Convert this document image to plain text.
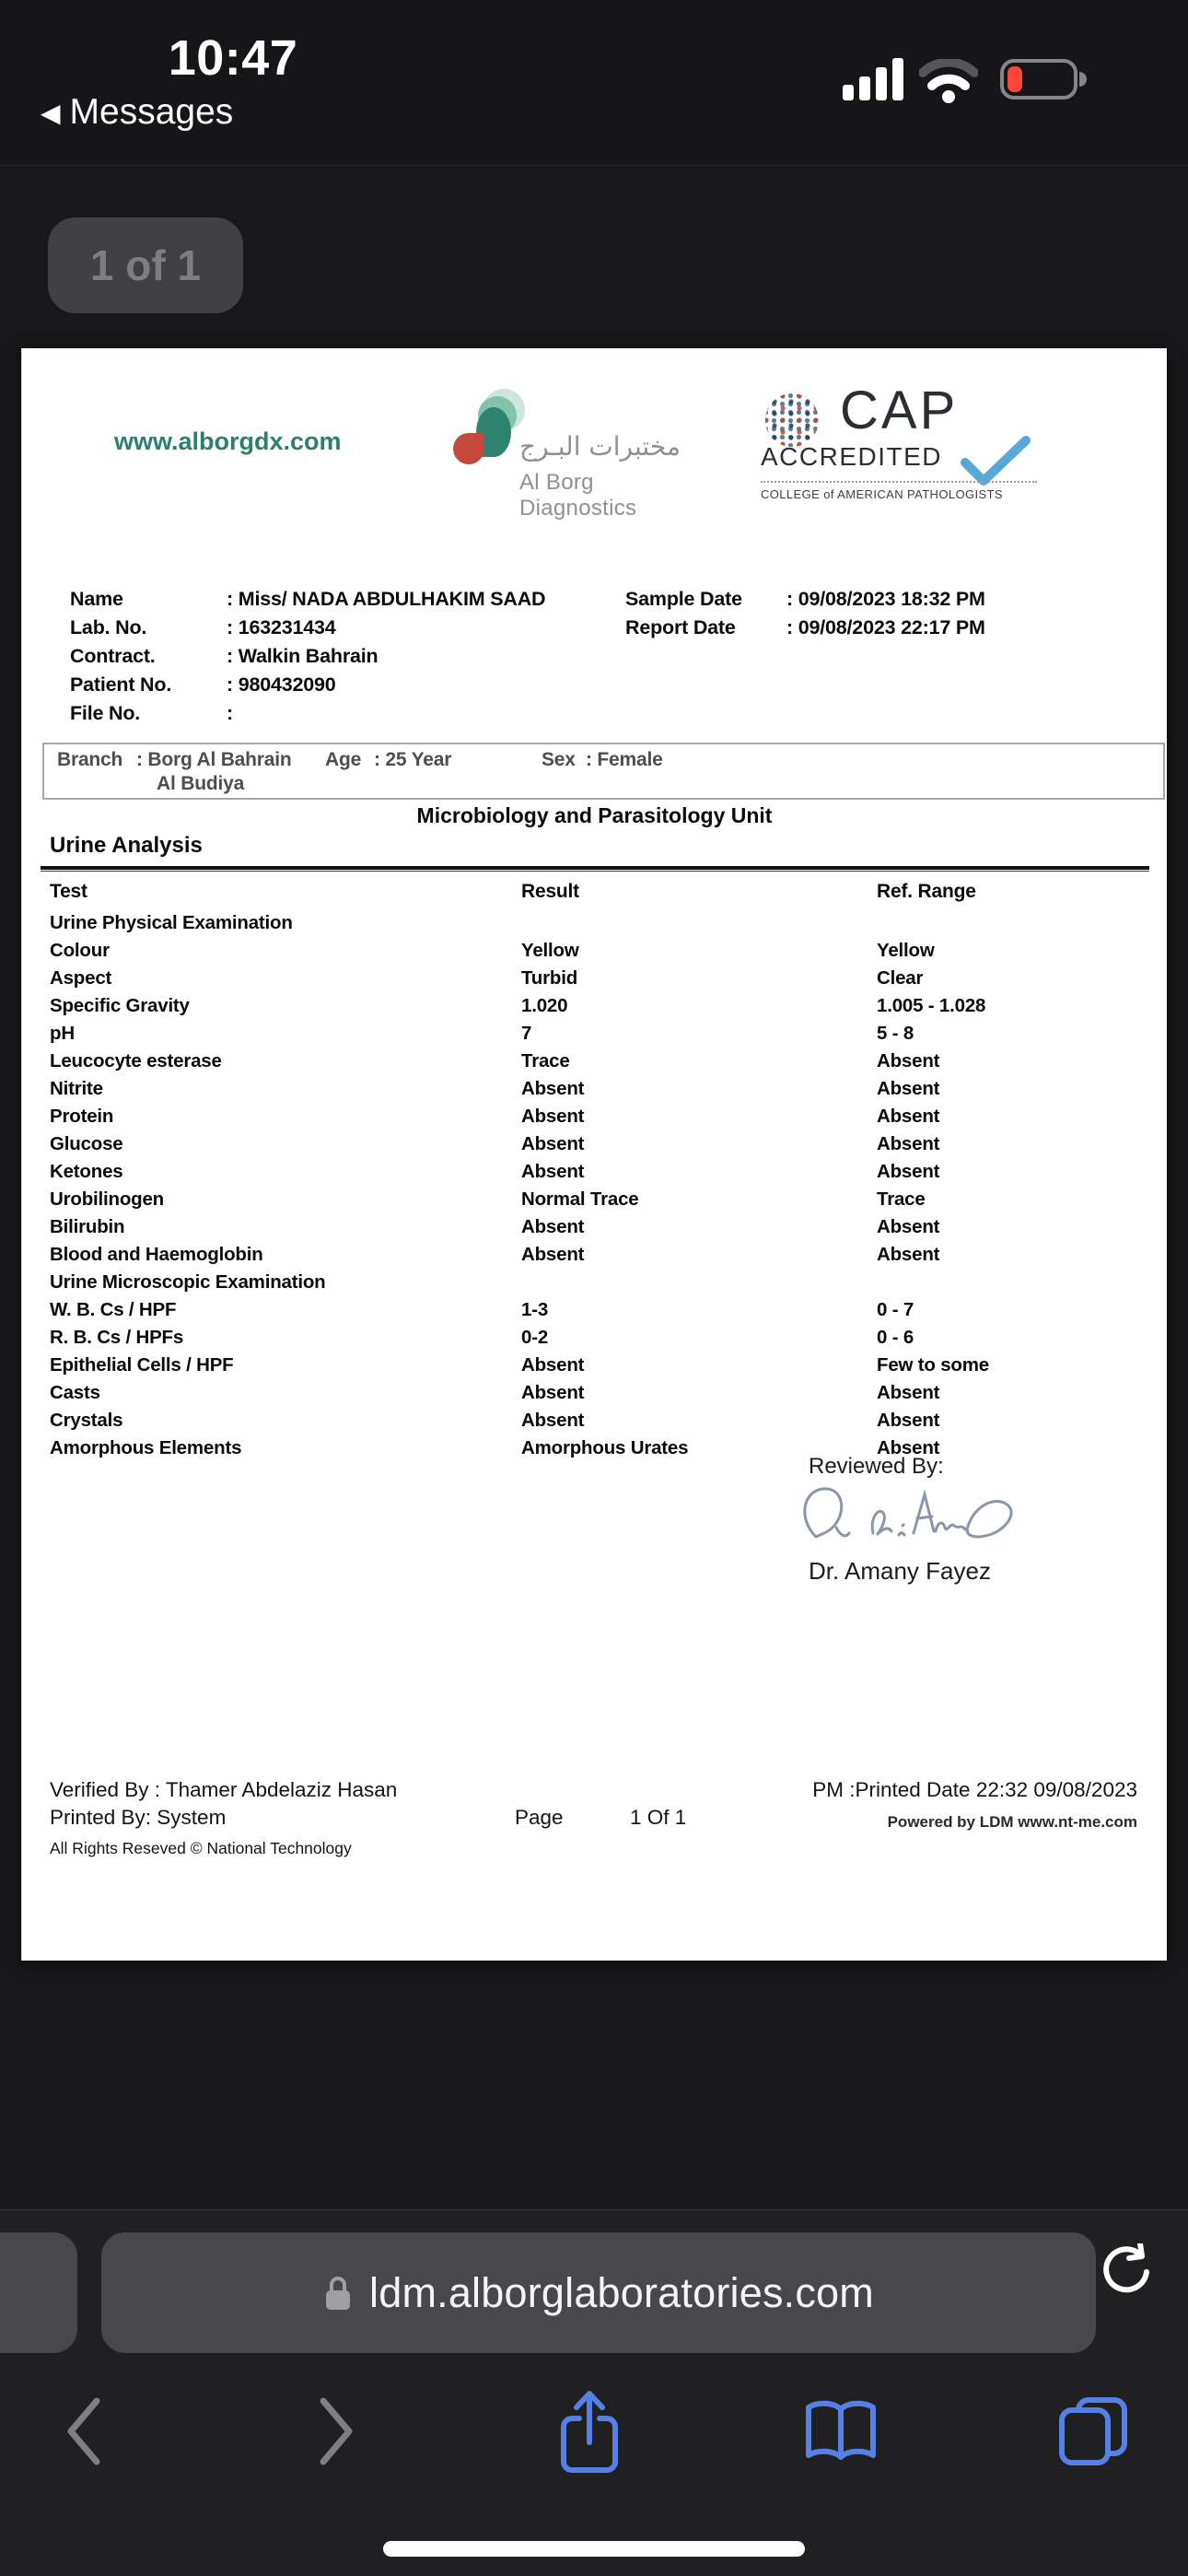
10:47
◀ Messages
1 of 1
www.alborgdx.com	مختبرات البـرج
Al Borg Diagnostics
CAP
ACCREDITED
COLLEGE of AMERICAN PATHOLOGISTS
Name	: Miss/ NADA ABDULHAKIM SAAD
Lab. No.	: 163231434
Contract.	: Walkin Bahrain
Patient No.	: 980432090
File No.	:
Sample Date : 09/08/2023 18:32 PM
Report Date	: 09/08/2023 22:17 PM
Branch : Borg Al Bahrain
Al Budiya
Age : 25 Year	Sex : Female
Microbiology and Parasitology Unit
Urine Analysis
Test	Result	Ref. Range
Urine Physical Examination
Colour	Yellow	Yellow
Aspect	Turbid	Clear
Specific Gravity	1.020	1.005 - 1.028
pH	7	5 - 8
Leucocyte esterase	Trace	Absent
Nitrite	Absent	Absent
Protein	Absent	Absent
Glucose	Absent	Absent
Ketones	Absent	Absent
Urobilinogen	Normal Trace	Trace
Bilirubin	Absent	Absent
Blood and Haemoglobin	Absent	Absent
Urine Microscopic Examination
W. B. Cs / HPF	1-3	0 - 7
R. B. Cs / HPFs	0-2	0 - 6
Epithelial Cells / HPF	Absent	Few to some
Casts	Absent	Absent
Crystals	Absent	Absent
Amorphous Elements	Amorphous Urates	Absent
Reviewed By:
Dr. Amany Fayez
Verified By : Thamer Abdelaziz Hasan
Printed By: System
All Rights Reseved © National Technology
Page	1 Of 1
PM :Printed Date 22:32 09/08/2023
Powered by LDM www.nt-me.com
ldm.alborglaboratories.com
